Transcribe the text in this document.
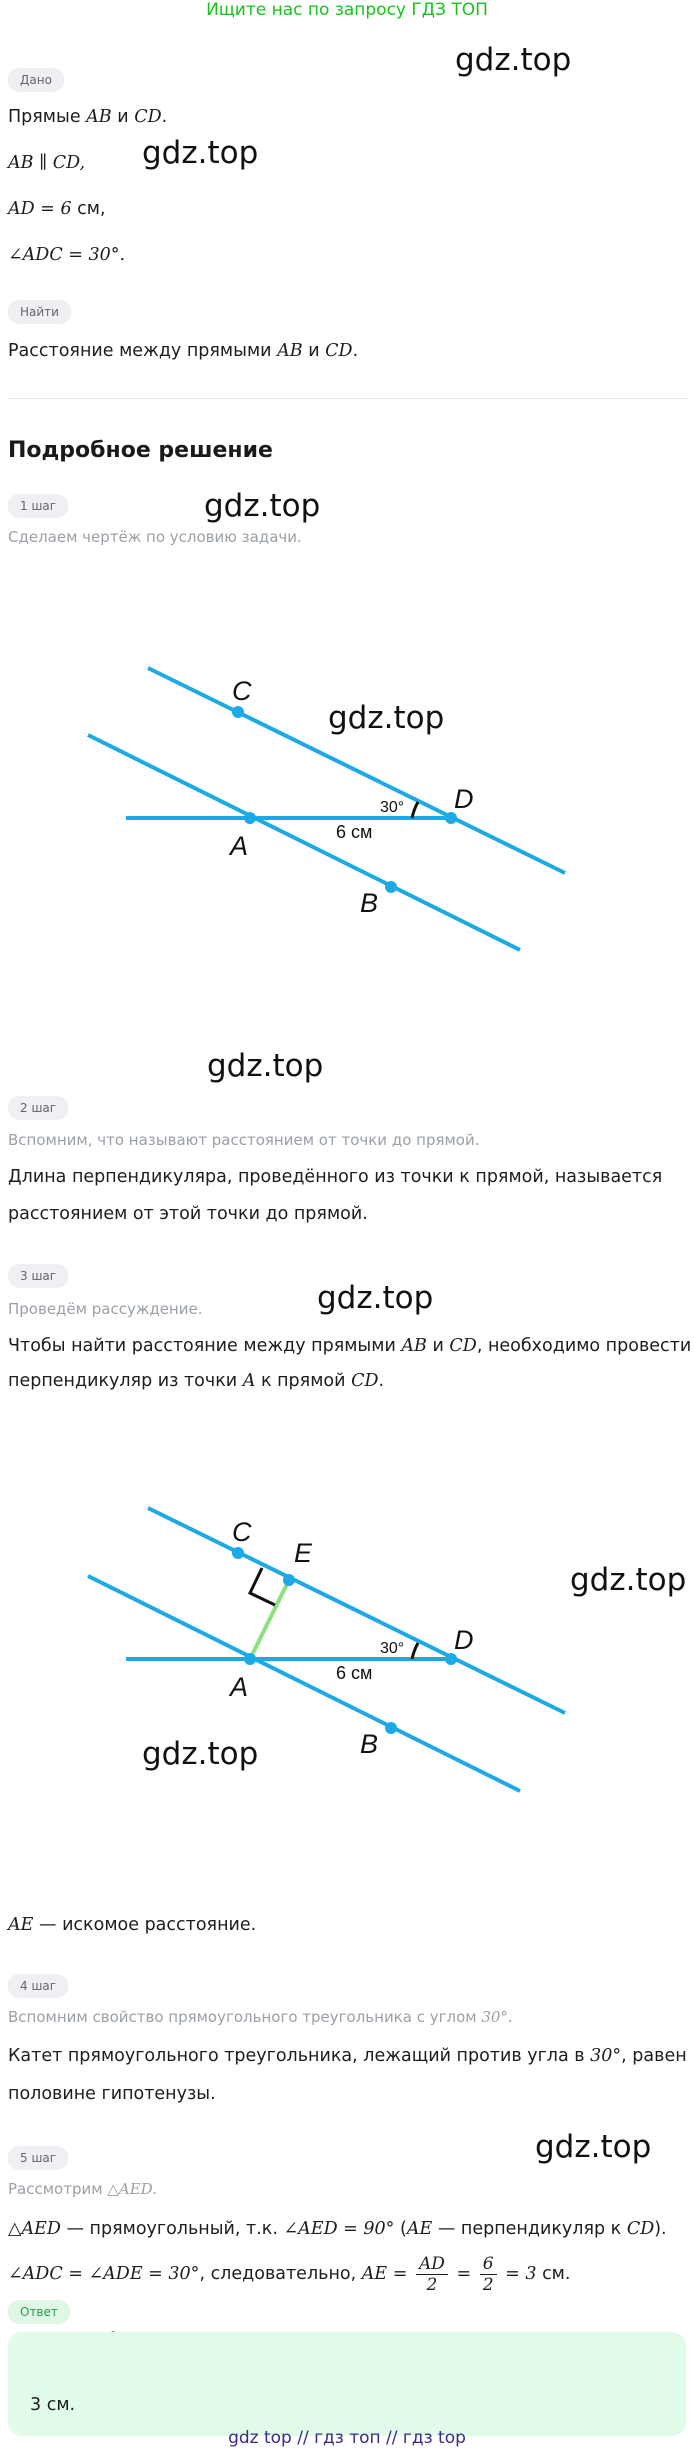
Ищите нас по запросу ГДЗ ТОП
gdz.top
gdz.top
gdz.top
gdz.top
gdz.top
gdz.top
gdz.top
gdz.top
gdz.top
Дано
Прямые AB и CD.
AB ∥ CD,
AD = 6 см,
∠ADC = 30°.
Найти
Расстояние между прямыми AB и CD.
Подробное решение
1 шаг
Сделаем чертёж по условию задачи.
C
D
A
B
30°
6 см
C
E
D
A
B
30°
6 см
2 шаг
Вспомним, что называют расстоянием от точки до прямой.
Длина перпендикуляра, проведённого из точки к прямой, называется
расстоянием от этой точки до прямой.
3 шаг
Проведём рассуждение.
Чтобы найти расстояние между прямыми AB и CD, необходимо провести
перпендикуляр из точки A к прямой CD.
AE — искомое расстояние.
4 шаг
Вспомним свойство прямоугольного треугольника с углом 30°.
Катет прямоугольного треугольника, лежащий против угла в 30°, равен
половине гипотенузы.
5 шаг
Рассмотрим △AED.
△AED — прямоугольный, т.к. ∠AED = 90° (AE — перпендикуляр к CD).
∠ADC = ∠ADE = 30°, следовательно, AE = $\frac{AD}{2} = \frac{6}{2} = 3$ см.
Ответ
3 см.
gdz top // гдз топ // гдз top
